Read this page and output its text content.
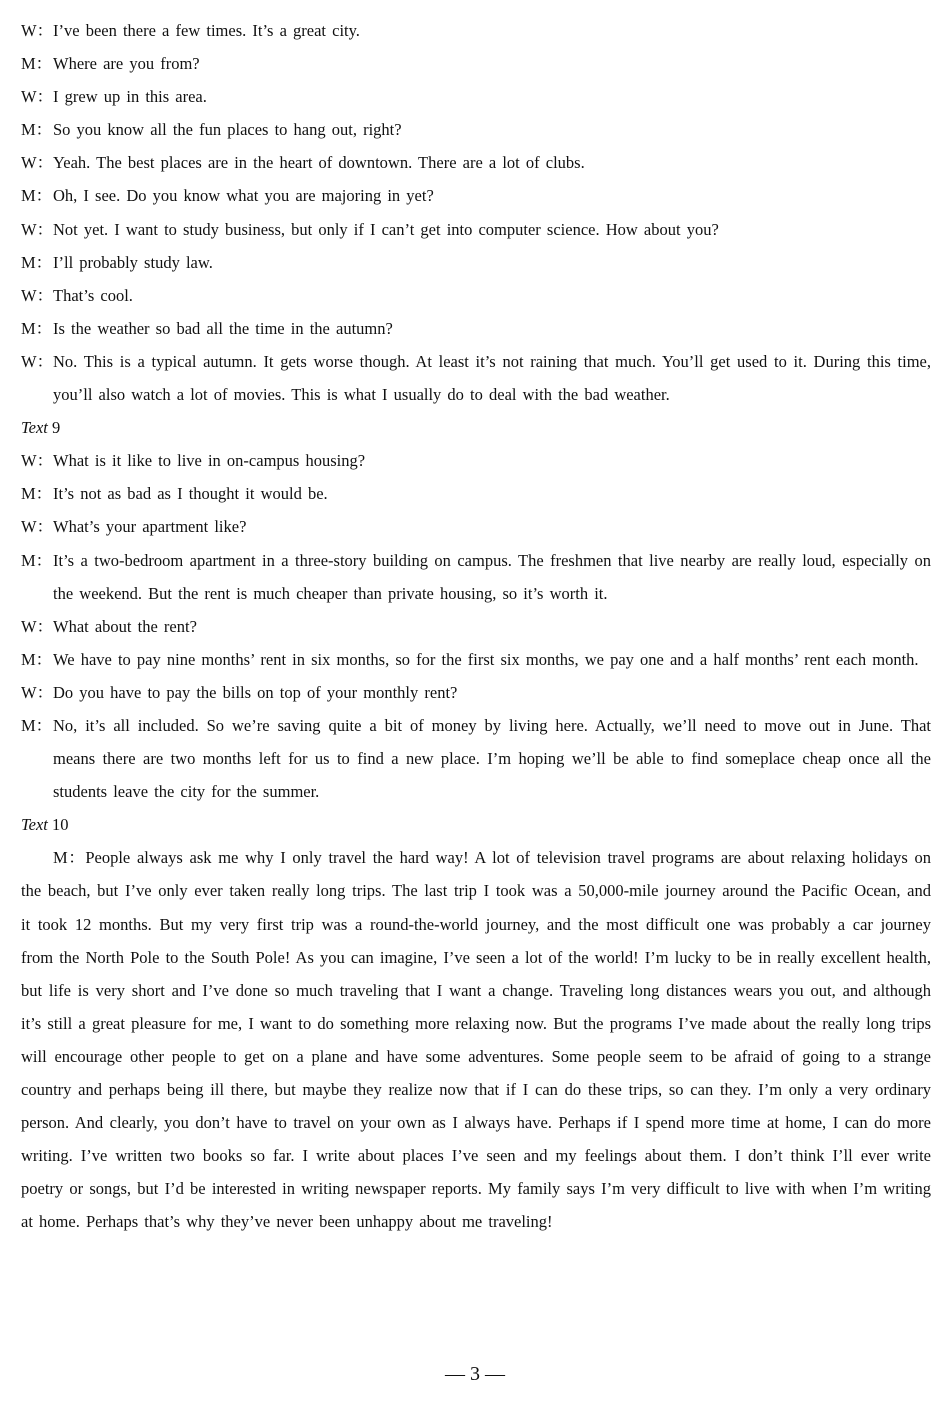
W：I’ve been there a few times. It’s a great city.
M：Where are you from?
W：I grew up in this area.
M：So you know all the fun places to hang out, right?
W：Yeah. The best places are in the heart of downtown. There are a lot of clubs.
M：Oh, I see. Do you know what you are majoring in yet?
W：Not yet. I want to study business, but only if I can’t get into computer science. How about you?
M：I’ll probably study law.
W：That’s cool.
M：Is the weather so bad all the time in the autumn?
W：No. This is a typical autumn. It gets worse though. At least it’s not raining that much. You’ll get used to it. During this time, you’ll also watch a lot of movies. This is what I usually do to deal with the bad weather.
Text 9
W：What is it like to live in on-campus housing?
M：It’s not as bad as I thought it would be.
W：What’s your apartment like?
M：It’s a two-bedroom apartment in a three-story building on campus. The freshmen that live nearby are really loud, especially on the weekend. But the rent is much cheaper than private housing, so it’s worth it.
W：What about the rent?
M：We have to pay nine months’ rent in six months, so for the first six months, we pay one and a half months’ rent each month.
W：Do you have to pay the bills on top of your monthly rent?
M：No, it’s all included. So we’re saving quite a bit of money by living here. Actually, we’ll need to move out in June. That means there are two months left for us to find a new place. I’m hoping we’ll be able to find someplace cheap once all the students leave the city for the summer.
Text 10
M：People always ask me why I only travel the hard way! A lot of television travel programs are about relaxing holidays on the beach, but I’ve only ever taken really long trips. The last trip I took was a 50,000-mile journey around the Pacific Ocean, and it took 12 months. But my very first trip was a round-the-world journey, and the most difficult one was probably a car journey from the North Pole to the South Pole! As you can imagine, I’ve seen a lot of the world! I’m lucky to be in really excellent health, but life is very short and I’ve done so much traveling that I want a change. Traveling long distances wears you out, and although it’s still a great pleasure for me, I want to do something more relaxing now. But the programs I’ve made about the really long trips will encourage other people to get on a plane and have some adventures. Some people seem to be afraid of going to a strange country and perhaps being ill there, but maybe they realize now that if I can do these trips, so can they. I’m only a very ordinary person. And clearly, you don’t have to travel on your own as I always have. Perhaps if I spend more time at home, I can do more writing. I’ve written two books so far. I write about places I’ve seen and my feelings about them. I don’t think I’ll ever write poetry or songs, but I’d be interested in writing newspaper reports. My family says I’m very difficult to live with when I’m writing at home. Perhaps that’s why they’ve never been unhappy about me traveling!
— 3 —
